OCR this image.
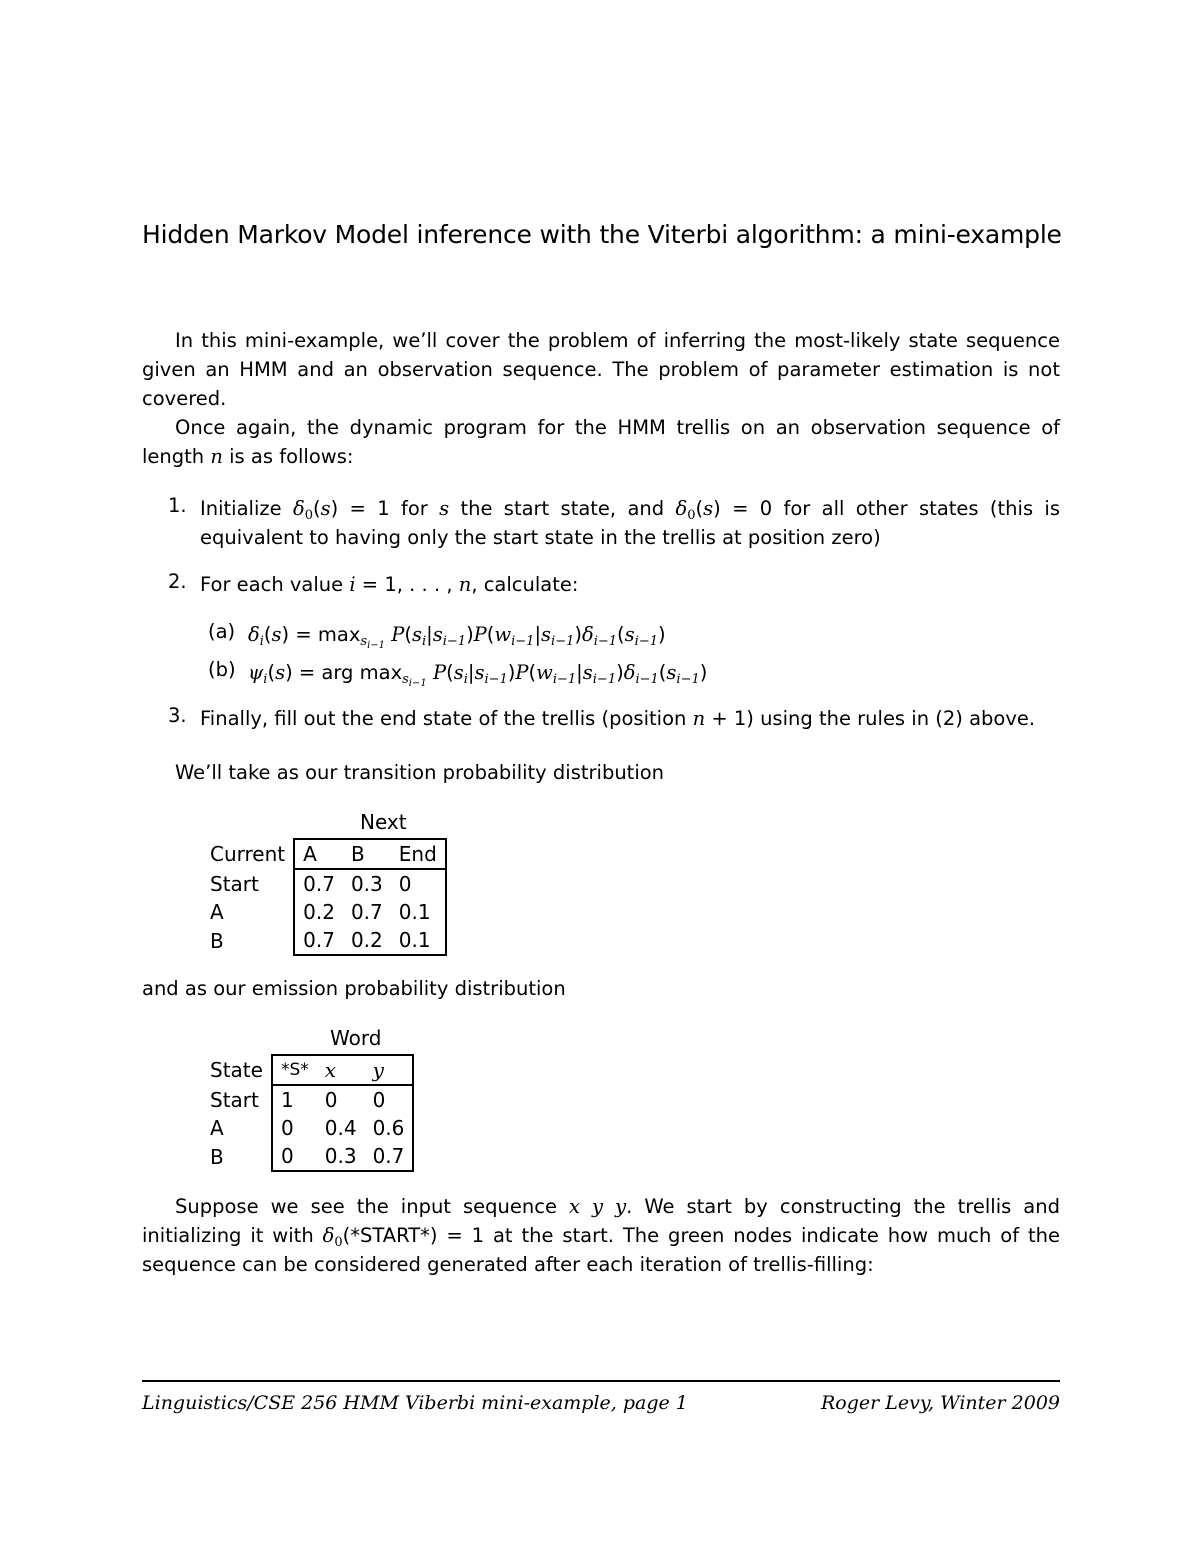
Hidden Markov Model inference with the Viterbi algorithm: a mini-example
In this mini-example, we’ll cover the problem of inferring the most-likely state sequence given an HMM and an observation sequence. The problem of parameter estimation is not covered.
Once again, the dynamic program for the HMM trellis on an observation sequence of length n is as follows:
1. Initialize $\delta_0(s) = 1$ for s the start state, and $\delta_0(s) = 0$ for all other states (this is equivalent to having only the start state in the trellis at position zero)
2. For each value i = 1, . . . , n, calculate:
(a) $\delta_i(s) = \max_{s_{i-1}} P(s_i|s_{i-1})P(w_{i-1}|s_{i-1})\delta_{i-1}(s_{i-1})$
(b) $\psi_i(s)$ = arg $\max_{s_{i-1}} P(s_i|s_{i-1})P(w_{i-1}|s_{i-1})\delta_{i-1}(s_{i-1})$
3. Finally, fill out the end state of the trellis (position n + 1) using the rules in (2) above.
We’ll take as our transition probability distribution
Next
Current	A	B	End
Start	0.7	0.3	0
A	0.2	0.7	0.1
B	0.7	0.2	0.1
and as our emission probability distribution
Word
State	*S*	x	y
Start	1	0	0
A	0	0.4	0.6
B	0	0.3	0.7
Suppose we see the input sequence x y y. We start by constructing the trellis and initializing it with $\delta_0(*START*) = 1$ at the start. The green nodes indicate how much of the sequence can be considered generated after each iteration of trellis-filling:
Linguistics/CSE 256 HMM Viberbi mini-example, page 1	Roger Levy, Winter 2009
